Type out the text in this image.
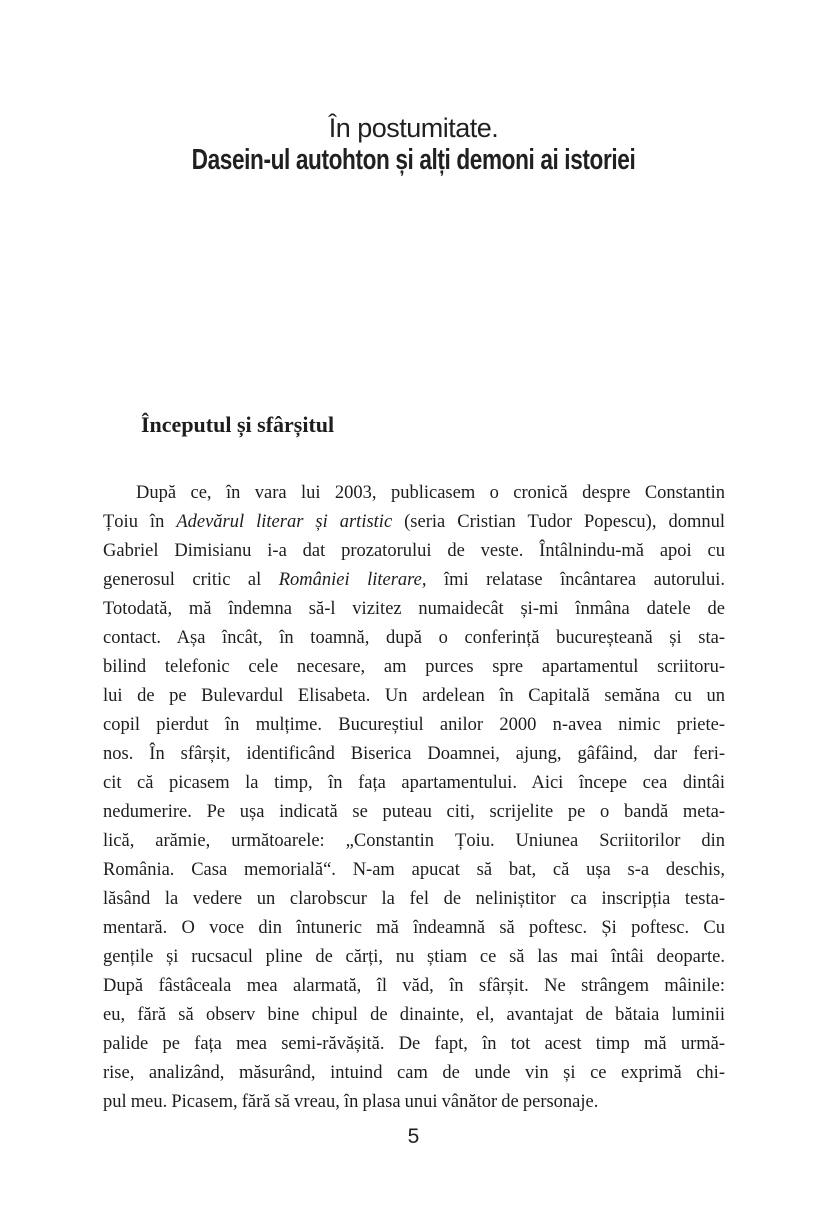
În postumitate.
Dasein-ul autohton și alți demoni ai istoriei
Începutul și sfârșitul
După ce, în vara lui 2003, publicasem o cronică despre Constantin
Țoiu în Adevărul literar și artistic (seria Cristian Tudor Popescu), domnul
Gabriel Dimisianu i-a dat prozatorului de veste. Întâlnindu-mă apoi cu
generosul critic al României literare, îmi relatase încântarea autorului.
Totodată, mă îndemna să-l vizitez numaidecât și-mi înmâna datele de
contact. Așa încât, în toamnă, după o conferință bucureșteană și sta-
bilind telefonic cele necesare, am purces spre apartamentul scriitoru-
lui de pe Bulevardul Elisabeta. Un ardelean în Capitală semăna cu un
copil pierdut în mulțime. Bucureștiul anilor 2000 n-avea nimic priete-
nos. În sfârșit, identificând Biserica Doamnei, ajung, gâfâind, dar feri-
cit că picasem la timp, în fața apartamentului. Aici începe cea dintâi
nedumerire. Pe ușa indicată se puteau citi, scrijelite pe o bandă meta-
lică, arămie, următoarele: „Constantin Țoiu. Uniunea Scriitorilor din
România. Casa memorială“. N-am apucat să bat, că ușa s-a deschis,
lăsând la vedere un clarobscur la fel de neliniștitor ca inscripția testa-
mentară. O voce din întuneric mă îndeamnă să poftesc. Și poftesc. Cu
gențile și rucsacul pline de cărți, nu știam ce să las mai întâi deoparte.
După fâstâceala mea alarmată, îl văd, în sfârșit. Ne strângem mâinile:
eu, fără să observ bine chipul de dinainte, el, avantajat de bătaia luminii
palide pe fața mea semi-răvășită. De fapt, în tot acest timp mă urmă-
rise, analizând, măsurând, intuind cam de unde vin și ce exprimă chi-
pul meu. Picasem, fără să vreau, în plasa unui vânător de personaje.
5
